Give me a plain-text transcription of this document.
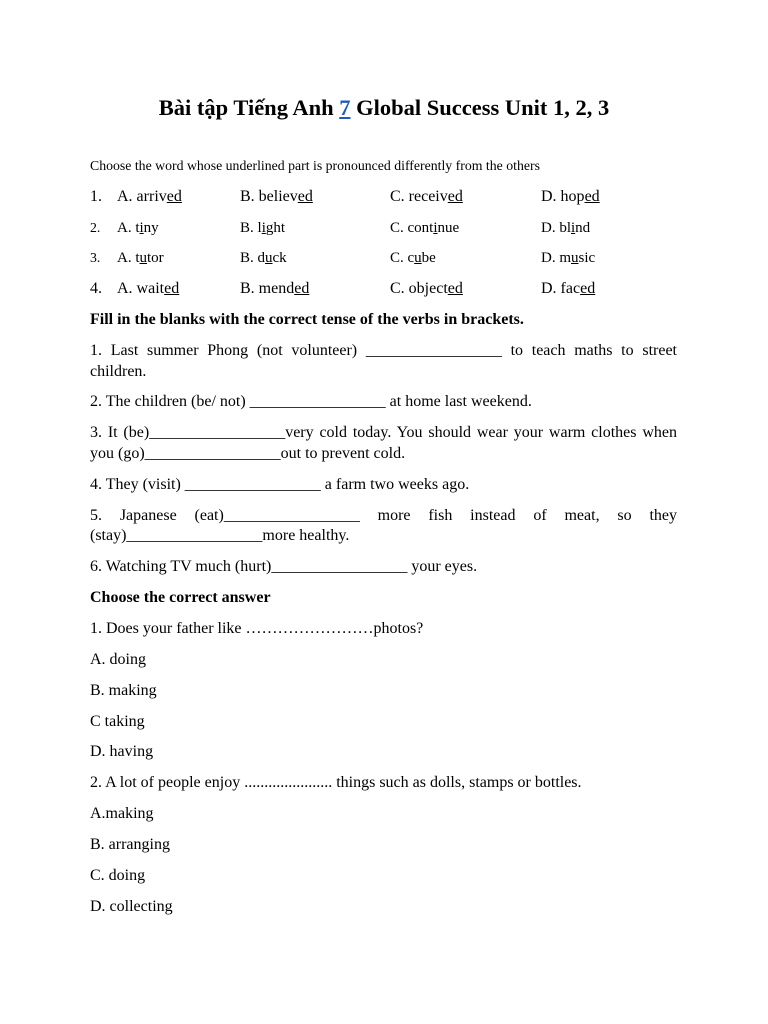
Bài tập Tiếng Anh 7 Global Success Unit 1, 2, 3

Choose the word whose underlined part is pronounced differently from the others

1. A. arrived	B. believed	C. received	D. hoped
2.	A. tiny	B. light	C. continue	D. blind
3.	A. tutor	B. duck	C. cube	D. music
4. A. waited	B. mended	C. objected	D. faced

Fill in the blanks with the correct tense of the verbs in brackets.

1. Last summer Phong (not volunteer) _________________ to teach maths to street children.

2. The children (be/ not) _________________ at home last weekend.

3. It (be)_________________very cold today. You should wear your warm clothes when you (go)_________________out to prevent cold.

4. They (visit) _________________ a farm two weeks ago.

5. Japanese (eat)_________________ more fish instead of meat, so they (stay)_________________more healthy.

6. Watching TV much (hurt)_________________ your eyes.

Choose the correct answer

1. Does your father like ……………………photos?

A. doing

B. making

C taking

D. having

2. A lot of people enjoy ...................... things such as dolls, stamps or bottles.

A.making

B. arranging

C. doing

D. collecting
